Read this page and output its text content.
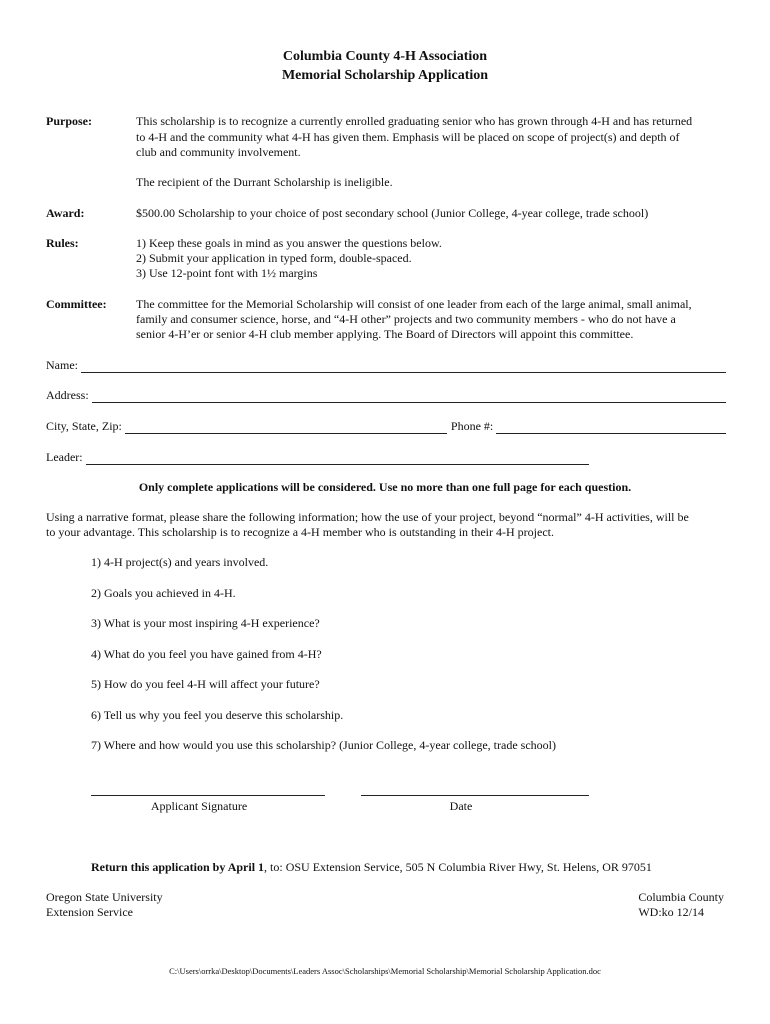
Columbia County 4-H Association
Memorial Scholarship Application
Purpose:	This scholarship is to recognize a currently enrolled graduating senior who has grown through 4-H and has returned
to 4-H and the community what 4-H has given them. Emphasis will be placed on scope of project(s) and depth of
club and community involvement.
The recipient of the Durrant Scholarship is ineligible.
Award:	$500.00 Scholarship to your choice of post secondary school (Junior College, 4-year college, trade school)
Rules:	1) Keep these goals in mind as you answer the questions below.
2) Submit your application in typed form, double-spaced.
3) Use 12-point font with 1½ margins
Committee: The committee for the Memorial Scholarship will consist of one leader from each of the large animal, small animal,
family and consumer science, horse, and “4-H other” projects and two community members - who do not have a
senior 4-H’er or senior 4-H club member applying. The Board of Directors will appoint this committee.
Name:
Address:
City, State, Zip:	Phone #:
Leader:
Only complete applications will be considered. Use no more than one full page for each question.
Using a narrative format, please share the following information; how the use of your project, beyond “normal” 4-H activities, will be
to your advantage. This scholarship is to recognize a 4-H member who is outstanding in their 4-H project.
1) 4-H project(s) and years involved.
2) Goals you achieved in 4-H.
3) What is your most inspiring 4-H experience?
4) What do you feel you have gained from 4-H?
5) How do you feel 4-H will affect your future?
6) Tell us why you feel you deserve this scholarship.
7) Where and how would you use this scholarship? (Junior College, 4-year college, trade school)
Applicant Signature	Date
Return this application by April 1, to: OSU Extension Service, 505 N Columbia River Hwy, St. Helens, OR 97051
Oregon State University
Extension Service
Columbia County
WD:ko 12/14
C:\Users\orrka\Desktop\Documents\Leaders Assoc\Scholarships\Memorial Scholarship\Memorial Scholarship Application.doc
